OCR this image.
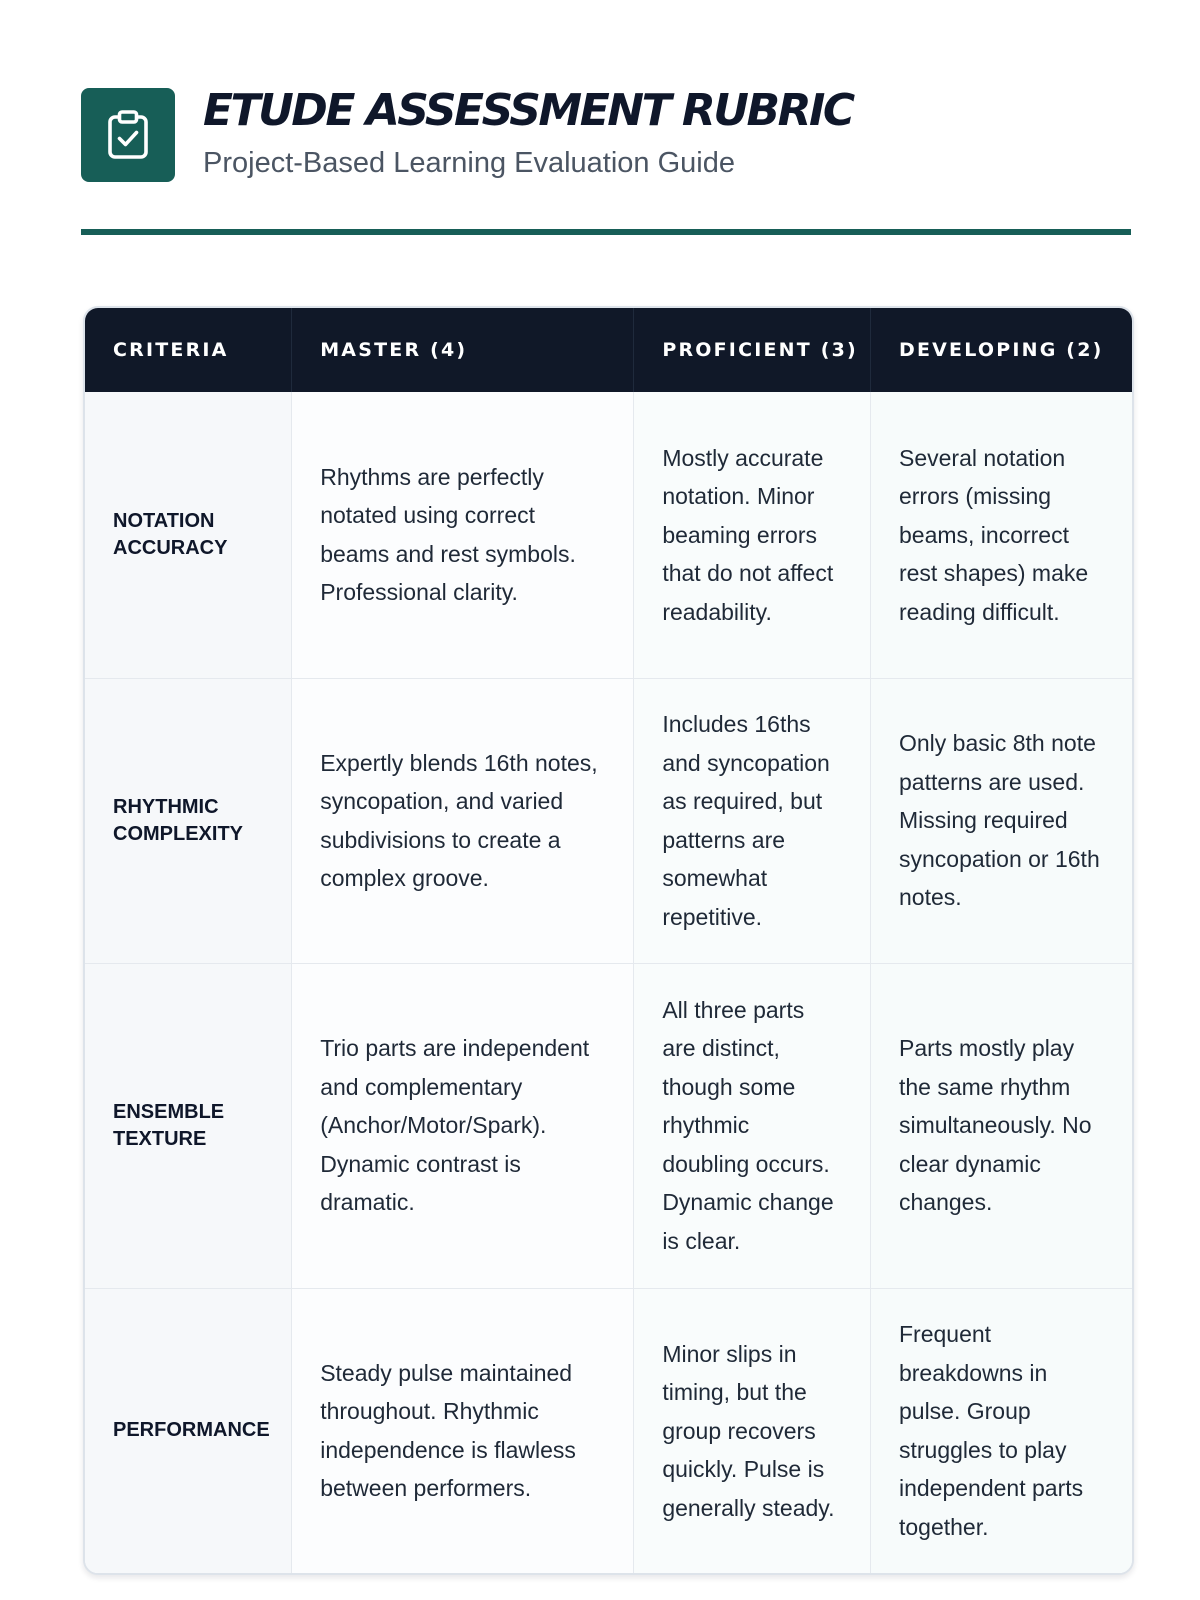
ETUDE ASSESSMENT RUBRIC

Project-Based Learning Evaluation Guide

CRITERIA	MASTER (4)	PROFICIENT (3)	DEVELOPING (2)
NOTATION ACCURACY	Rhythms are perfectly notated using correct beams and rest symbols. Professional clarity.	Mostly accurate notation. Minor beaming errors that do not affect readability.	Several notation errors (missing beams, incorrect rest shapes) make reading difficult.
RHYTHMIC COMPLEXITY	Expertly blends 16th notes, syncopation, and varied subdivisions to create a complex groove.	Includes 16ths and syncopation as required, but patterns are somewhat repetitive.	Only basic 8th note patterns are used. Missing required syncopation or 16th notes.
ENSEMBLE TEXTURE	Trio parts are independent and complementary (Anchor/Motor/Spark). Dynamic contrast is dramatic.	All three parts are distinct, though some rhythmic doubling occurs. Dynamic change is clear.	Parts mostly play the same rhythm simultaneously. No clear dynamic changes.
PERFORMANCE	Steady pulse maintained throughout. Rhythmic independence is flawless between performers.	Minor slips in timing, but the group recovers quickly. Pulse is generally steady.	Frequent breakdowns in pulse. Group struggles to play independent parts together.
